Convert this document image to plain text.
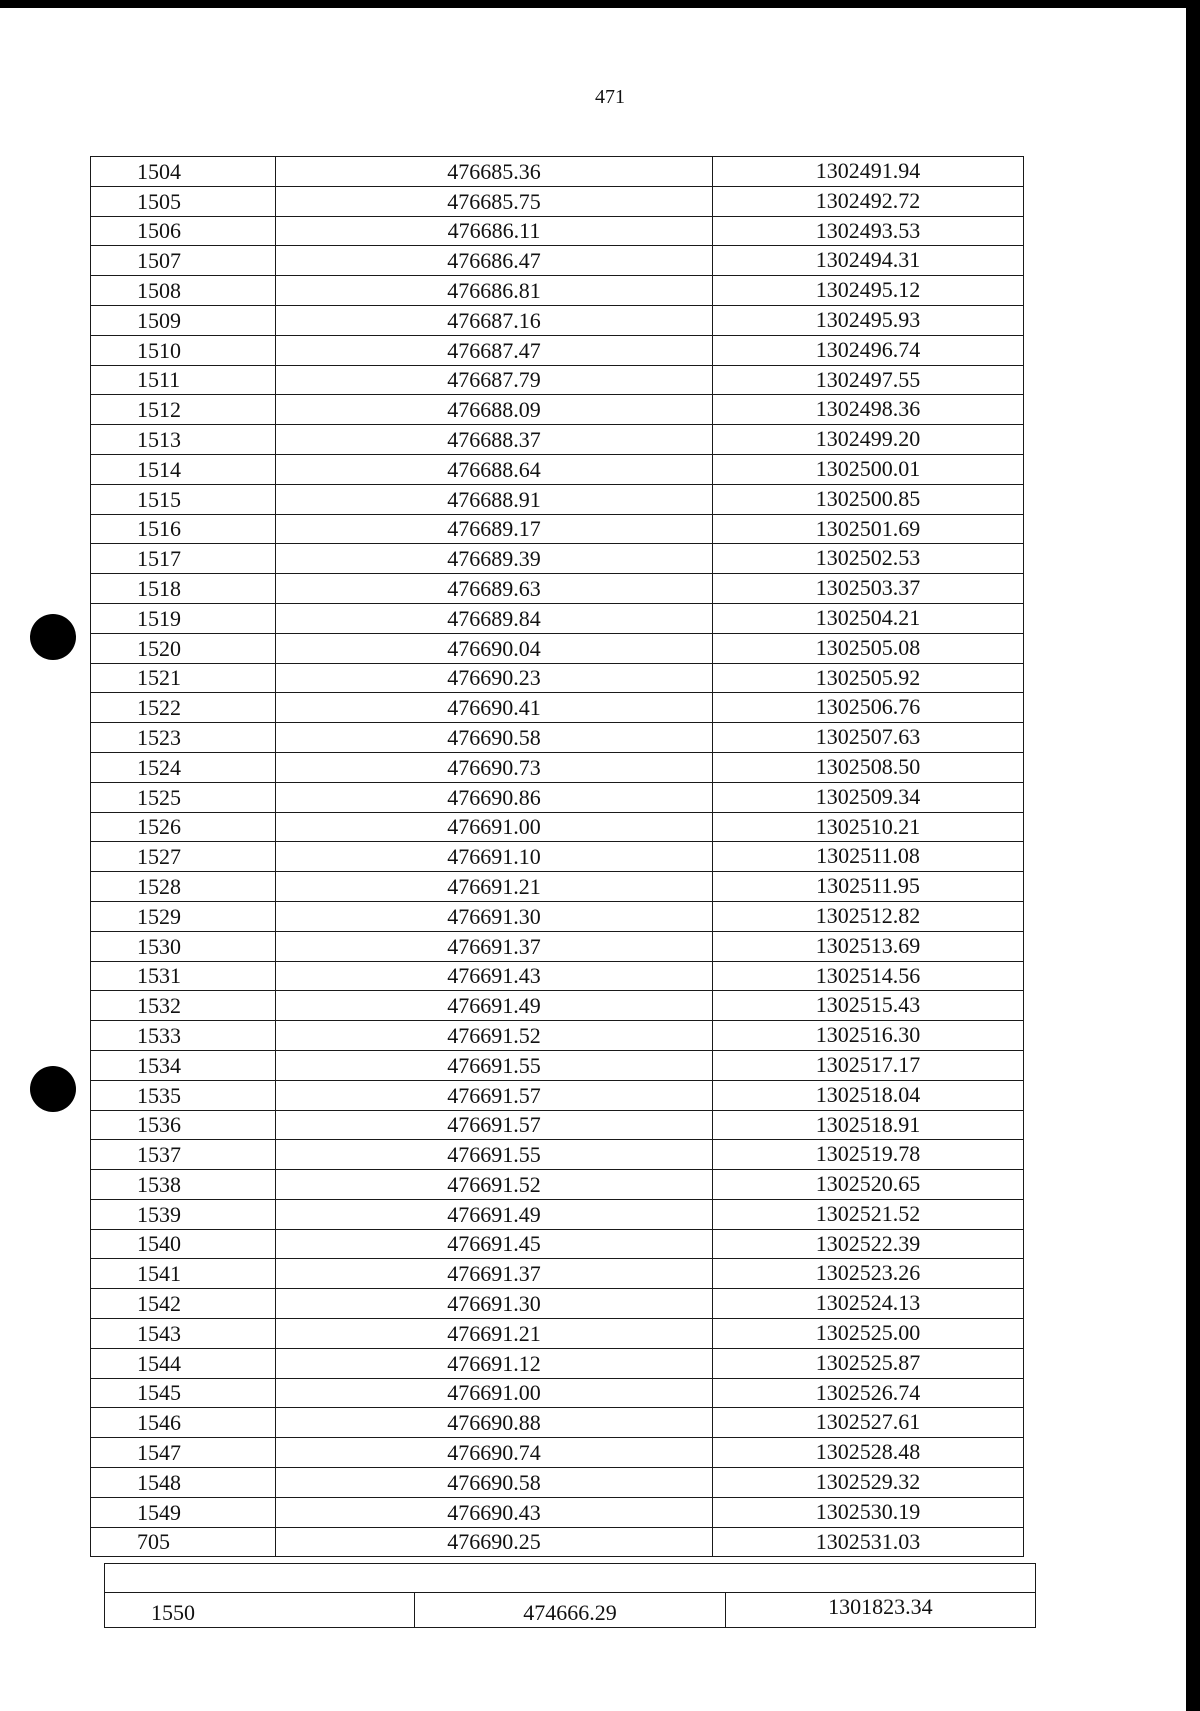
471
1504	476685.36	1302491.94
1505	476685.75	1302492.72
1506	476686.11	1302493.53
1507	476686.47	1302494.31
1508	476686.81	1302495.12
1509	476687.16	1302495.93
1510	476687.47	1302496.74
1511	476687.79	1302497.55
1512	476688.09	1302498.36
1513	476688.37	1302499.20
1514	476688.64	1302500.01
1515	476688.91	1302500.85
1516	476689.17	1302501.69
1517	476689.39	1302502.53
1518	476689.63	1302503.37
1519	476689.84	1302504.21
1520	476690.04	1302505.08
1521	476690.23	1302505.92
1522	476690.41	1302506.76
1523	476690.58	1302507.63
1524	476690.73	1302508.50
1525	476690.86	1302509.34
1526	476691.00	1302510.21
1527	476691.10	1302511.08
1528	476691.21	1302511.95
1529	476691.30	1302512.82
1530	476691.37	1302513.69
1531	476691.43	1302514.56
1532	476691.49	1302515.43
1533	476691.52	1302516.30
1534	476691.55	1302517.17
1535	476691.57	1302518.04
1536	476691.57	1302518.91
1537	476691.55	1302519.78
1538	476691.52	1302520.65
1539	476691.49	1302521.52
1540	476691.45	1302522.39
1541	476691.37	1302523.26
1542	476691.30	1302524.13
1543	476691.21	1302525.00
1544	476691.12	1302525.87
1545	476691.00	1302526.74
1546	476690.88	1302527.61
1547	476690.74	1302528.48
1548	476690.58	1302529.32
1549	476690.43	1302530.19
705	476690.25	1302531.03

1550	474666.29	1301823.34
